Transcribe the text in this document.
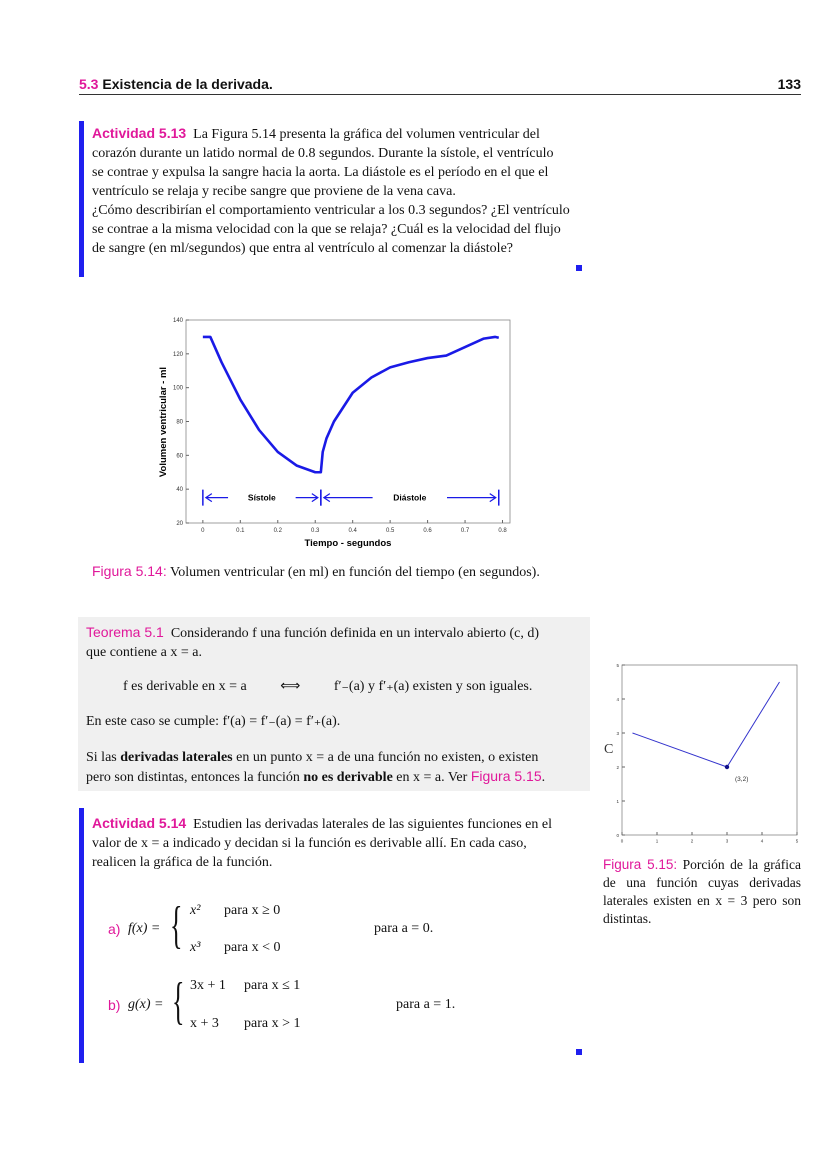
5.3 Existencia de la derivada.	133
Actividad 5.13 La Figura 5.14 presenta la gráfica del volumen ventricular del
corazón durante un latido normal de 0.8 segundos. Durante la sístole, el ventrículo
se contrae y expulsa la sangre hacia la aorta. La diástole es el período en el que el
ventrículo se relaja y recibe sangre que proviene de la vena cava.
¿Cómo describirían el comportamiento ventricular a los 0.3 segundos? ¿El ventrículo
se contrae a la misma velocidad con la que se relaja? ¿Cuál es la velocidad del flujo
de sangre (en ml/segundos) que entra al ventrículo al comenzar la diástole?
0	0.1	0.2	0.3	0.4	0.5	0.6	0.7	0.8
20
40
60
80
100
120
140
Tiempo - segundos
Volumen ventricular - ml
Sístole	Diástole
Figura 5.14: Volumen ventricular (en ml) en función del tiempo (en segundos).
Teorema 5.1 Considerando f una función definida en un intervalo abierto (c, d)
que contiene a x = a.
f es derivable en x = a ⟺ f′₋(a) y f′₊(a) existen y son iguales.
En este caso se cumple: f′(a) = f′₋(a) = f′₊(a).
Si las derivadas laterales en un punto x = a de una función no existen, o existen
pero son distintas, entonces la función no es derivable en x = a. Ver Figura 5.15.
0	1	2	3	4	5
0
1
2
3
4
5
(3,2)
C
Figura 5.15: Porción de la gráfica de una función cuyas derivadas laterales existen en x = 3 pero son distintas.
Actividad 5.14 Estudien las derivadas laterales de las siguientes funciones en el
valor de x = a indicado y decidan si la función es derivable allí. En cada caso,
realicen la gráfica de la función.
a) f(x) = { x² para x ≥ 0
x³ para x < 0
para a = 0.
b) g(x) = { 3x + 1 para x ≤ 1
x + 3 para x > 1
para a = 1.
